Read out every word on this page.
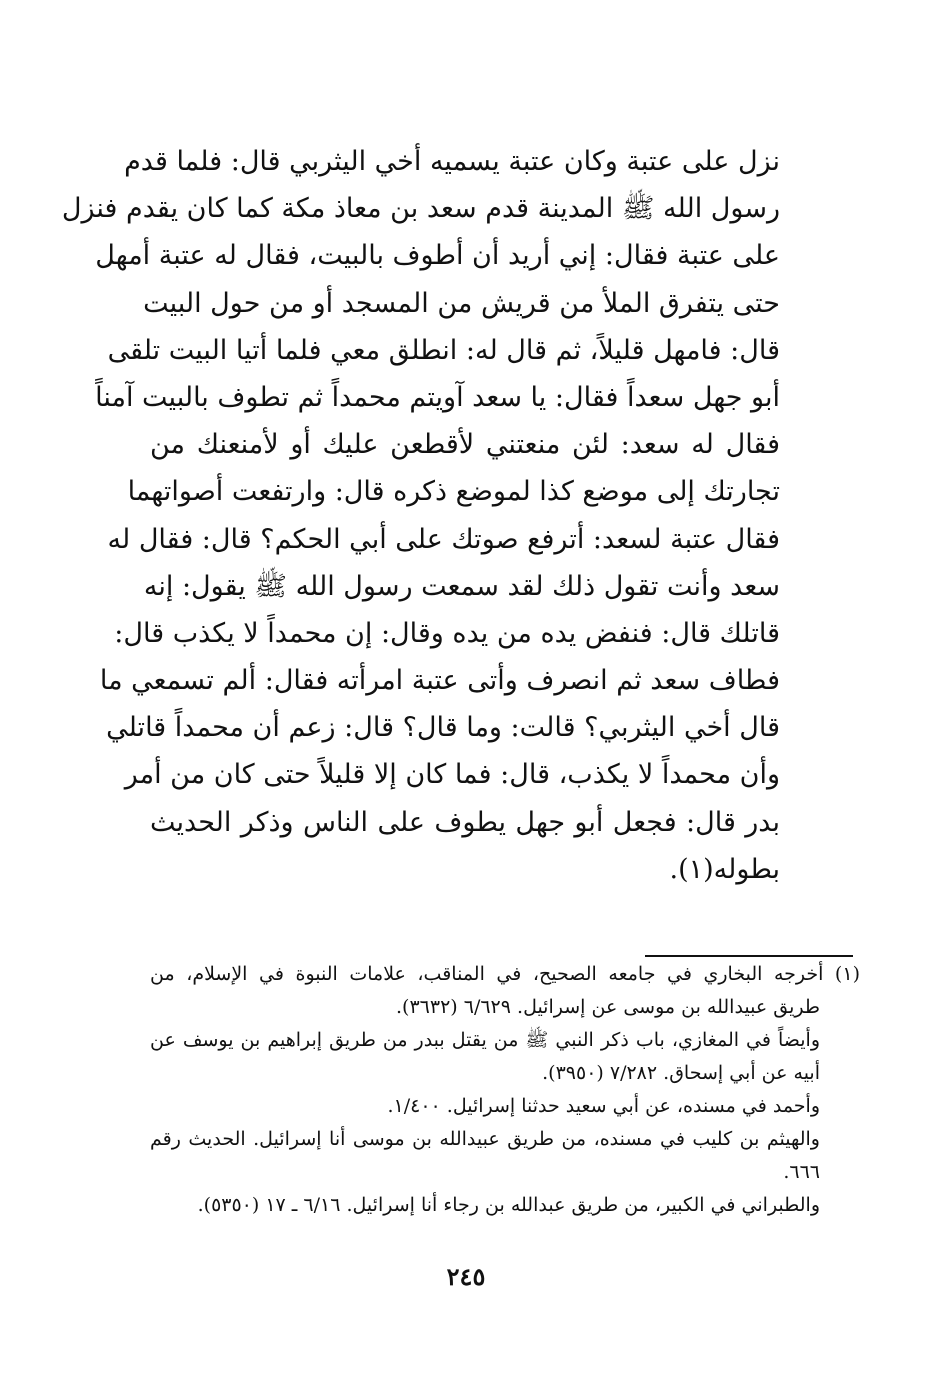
نزل على عتبة وكان عتبة يسميه أخي اليثربي قال: فلما قدم
رسول الله ﷺ المدينة قدم سعد بن معاذ مكة كما كان يقدم فنزل
على عتبة فقال: إني أريد أن أطوف بالبيت، فقال له عتبة أمهل
حتى يتفرق الملأ من قريش من المسجد أو من حول البيت
قال: فامهل قليلاً، ثم قال له: انطلق معي فلما أتيا البيت تلقى
أبو جهل سعداً فقال: يا سعد آويتم محمداً ثم تطوف بالبيت آمناً
فقال له سعد: لئن منعتني لأقطعن عليك أو لأمنعنك من
تجارتك إلى موضع كذا لموضع ذكره قال: وارتفعت أصواتهما
فقال عتبة لسعد: أترفع صوتك على أبي الحكم؟ قال: فقال له
سعد وأنت تقول ذلك لقد سمعت رسول الله ﷺ يقول: إنه
قاتلك قال: فنفض يده من يده وقال: إن محمداً لا يكذب قال:
فطاف سعد ثم انصرف وأتى عتبة امرأته فقال: ألم تسمعي ما
قال أخي اليثربي؟ قالت: وما قال؟ قال: زعم أن محمداً قاتلي
وأن محمداً لا يكذب، قال: فما كان إلا قليلاً حتى كان من أمر
بدر قال: فجعل أبو جهل يطوف على الناس وذكر الحديث
بطوله(١).
(١) أخرجه البخاري في جامعه الصحيح، في المناقب، علامات النبوة في الإسلام، من
طريق عبيدالله بن موسى عن إسرائيل. ٦/٦٢٩ (٣٦٣٢).
وأيضاً في المغازي، باب ذكر النبي ﷺ من يقتل ببدر من طريق إبراهيم بن يوسف عن
أبيه عن أبي إسحاق. ٧/٢٨٢ (٣٩٥٠).
وأحمد في مسنده، عن أبي سعيد حدثنا إسرائيل. ١/٤٠٠.
والهيثم بن كليب في مسنده، من طريق عبيدالله بن موسى أنا إسرائيل. الحديث رقم
٦٦٦.
والطبراني في الكبير، من طريق عبدالله بن رجاء أنا إسرائيل. ٦/١٦ ـ ١٧ (٥٣٥٠).
٢٤٥
